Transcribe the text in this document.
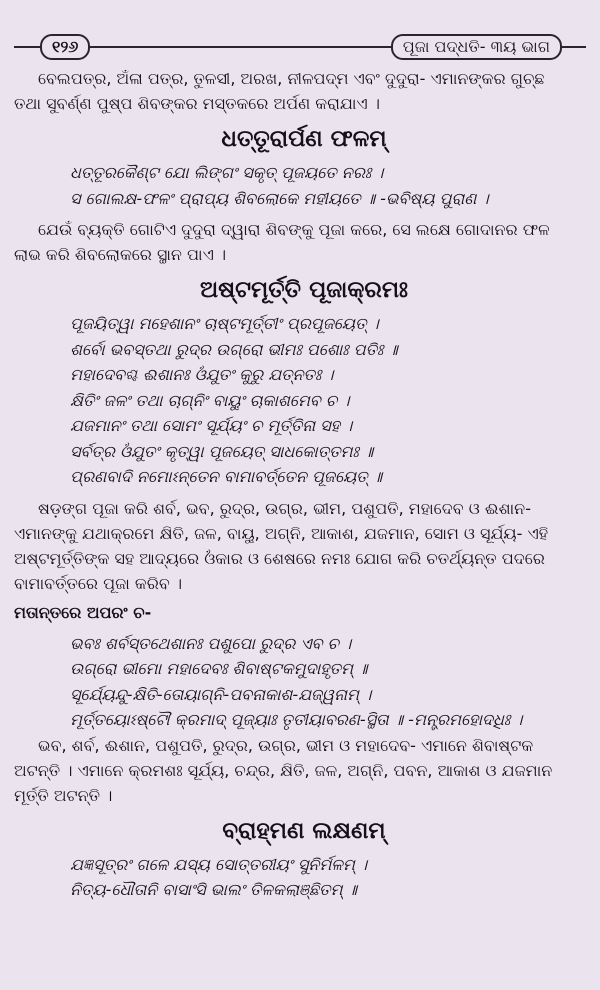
୧୨୬	ପୂଜା ପଦ୍ଧତି- ୩ୟ ଭାଗ

ବେଲପତ୍ର, ଅଁଳା ପତ୍ର, ତୁଳସୀ, ଅରଖ, ନୀଳପଦ୍ମ ଏବଂ ଦୁଦୁରା- ଏମାନଙ୍କର ଗୁଚ୍ଛ ତଥା ସୁବର୍ଣ୍ଣ ପୁଷ୍ପ ଶିବଙ୍କର ମସ୍ତକରେ ଅର୍ପଣ କରାଯାଏ ।

ଧତ୍ତୂରାର୍ପଣ ଫଳମ୍

ଧତ୍ତୂରକୈଣ୍ଟ ଯୋ ଲିଙ୍ଗଂ ସକୃତ୍ ପୂଜୟତେ ନରଃ ।

ସ ଗୋଲକ୍ଷ-ଫଳଂ ପ୍ରାପ୍ୟ ଶିବଲୋକେ ମହୀୟତେ ॥ -ଭବିଷ୍ୟ ପୁରାଣ ।

ଯେଉଁ ବ୍ୟକ୍ତି ଗୋଟିଏ ଦୁଦୁରା ଦ୍ୱାରା ଶିବଙ୍କୁ ପୂଜା କରେ, ସେ ଲକ୍ଷେ ଗୋଦାନର ଫଳ ଲାଭ କରି ଶିବଲୋକରେ ସ୍ଥାନ ପାଏ ।

ଅଷ୍ଟମୂର୍ତ୍ତି ପୂଜାକ୍ରମଃ

ପୂଜୟିତ୍ୱା ମହେଶାନଂ ଚାଷ୍ଟମୂର୍ତ୍ତୀଂ ପ୍ରପୂଜୟେତ୍ ।

ଶର୍ବୋ ଭବସ୍ତଥା ରୁଦ୍ର ଉଗ୍ରୋ ଭୀମଃ ପଶୋଃ ପତିଃ ॥

ମହାଦେବଶ୍ଚ ଈଶାନଃ ଓଁଯୁତଂ କୁରୁ ଯତ୍ନତଃ ।

କ୍ଷିତିଂ ଜଳଂ ତଥା ଚାଗ୍ନିଂ ବାୟୁଂ ଚାକାଶମେବ ଚ ।

ଯଜମାନଂ ତଥା ସୋମଂ ସୂର୍ଯ୍ୟଂ ଚ ମୂର୍ତ୍ତିନା ସହ ।

ସର୍ବତ୍ର ଓଁଯୁତଂ କୃତ୍ୱା ପୂଜୟେତ୍ ସାଧକୋତ୍ତମଃ ॥

ପ୍ରଣବାଦି ନମୋଽନ୍ତେନ ବାମାବର୍ତ୍ତେନ ପୂଜୟେତ୍ ॥

ଷଡ଼ଙ୍ଗ ପୂଜା କରି ଶର୍ବ, ଭବ, ରୁଦ୍ର, ଉଗ୍ର, ଭୀମ, ପଶୁପତି, ମହାଦେବ ଓ ଈଶାନ- ଏମାନଙ୍କୁ ଯଥାକ୍ରମେ କ୍ଷିତି, ଜଳ, ବାୟୁ, ଅଗ୍ନି, ଆକାଶ, ଯଜମାନ, ସୋମ ଓ ସୂର୍ଯ୍ୟ- ଏହି ଅଷ୍ଟମୂର୍ତ୍ତିଙ୍କ ସହ ଆଦ୍ୟରେ ଓଁକାର ଓ ଶେଷରେ ନମଃ ଯୋଗ କରି ଚତର୍ଥ୍ୟନ୍ତ ପଦରେ ବାମାବର୍ତ୍ତରେ ପୂଜା କରିବ ।

ମତାନ୍ତରେ ଅପରଂ ଚ-

ଭବଃ ଶର୍ବସ୍ତଥେଶାନଃ ପଶୁପୋ ରୁଦ୍ର ଏବ ଚ ।

ଉଗ୍ରୋ ଭୀମୋ ମହାଦେବଃ ଶିବାଷ୍ଟକମୁଦାହୃତମ୍ ॥

ସୂର୍ଯ୍ୟେନ୍ଦୁ-କ୍ଷିତି-ତୋୟାଗ୍ନି-ପବନାକାଶ-ଯଜ୍ୱନାମ୍ ।

ମୂର୍ତ୍ତୟୋଽଷ୍ଟୌ କ୍ରମାଦ୍ ପୂଜ୍ୟାଃ ତୃତୀୟାବରଣ-ସ୍ଥିତା ॥ -ମନ୍ତ୍ରମହୋଦଧିଃ ।

ଭବ, ଶର୍ବ, ଈଶାନ, ପଶୁପତି, ରୁଦ୍ର, ଉଗ୍ର, ଭୀମ ଓ ମହାଦେବ- ଏମାନେ ଶିବାଷ୍ଟକ ଅଟନ୍ତି । ଏମାନେ କ୍ରମଶଃ ସୂର୍ଯ୍ୟ, ଚନ୍ଦ୍ର, କ୍ଷିତି, ଜଳ, ଅଗ୍ନି, ପବନ, ଆକାଶ ଓ ଯଜମାନ ମୂର୍ତ୍ତି ଅଟନ୍ତି ।

ବ୍ରାହ୍ମଣ ଲକ୍ଷଣମ୍

ଯଜ୍ଞସୂତ୍ରଂ ଗଳେ ଯସ୍ୟ ସୋତ୍ତରୀୟଂ ସୁନିର୍ମଳମ୍ ।

ନିତ୍ୟ-ଧୌତାନି ବାସାଂସି ଭାଲଂ ତିଳକଲାଞ୍ଛିତମ୍ ॥
